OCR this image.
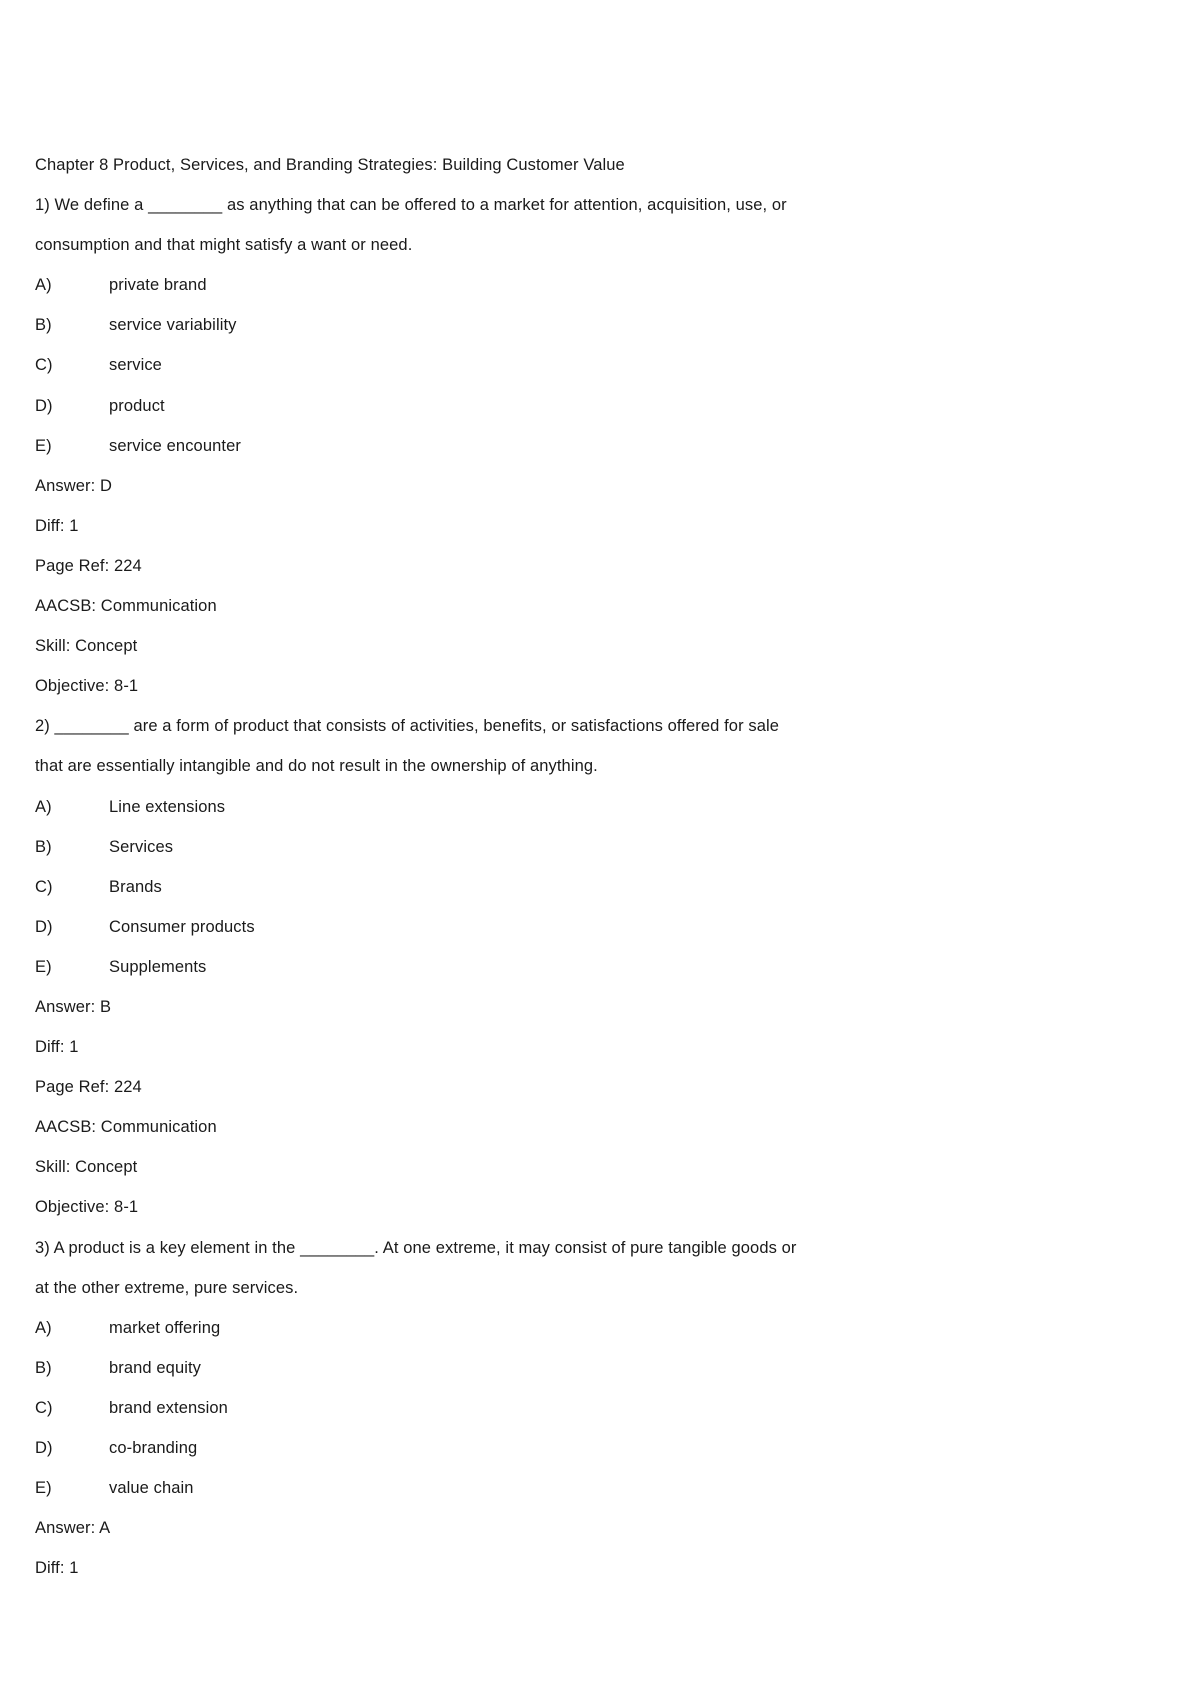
Chapter 8 Product, Services, and Branding Strategies: Building Customer Value
1) We define a ________ as anything that can be offered to a market for attention, acquisition, use, or
consumption and that might satisfy a want or need.
A)	private brand
B)	service variability
C)	service
D)	product
E)	service encounter
Answer: D
Diff: 1
Page Ref: 224
AACSB: Communication
Skill: Concept
Objective: 8-1
2) ________ are a form of product that consists of activities, benefits, or satisfactions offered for sale
that are essentially intangible and do not result in the ownership of anything.
A)	Line extensions
B)	Services
C)	Brands
D)	Consumer products
E)	Supplements
Answer: B
Diff: 1
Page Ref: 224
AACSB: Communication
Skill: Concept
Objective: 8-1
3) A product is a key element in the ________. At one extreme, it may consist of pure tangible goods or
at the other extreme, pure services.
A)	market offering
B)	brand equity
C)	brand extension
D)	co-branding
E)	value chain
Answer: A
Diff: 1
